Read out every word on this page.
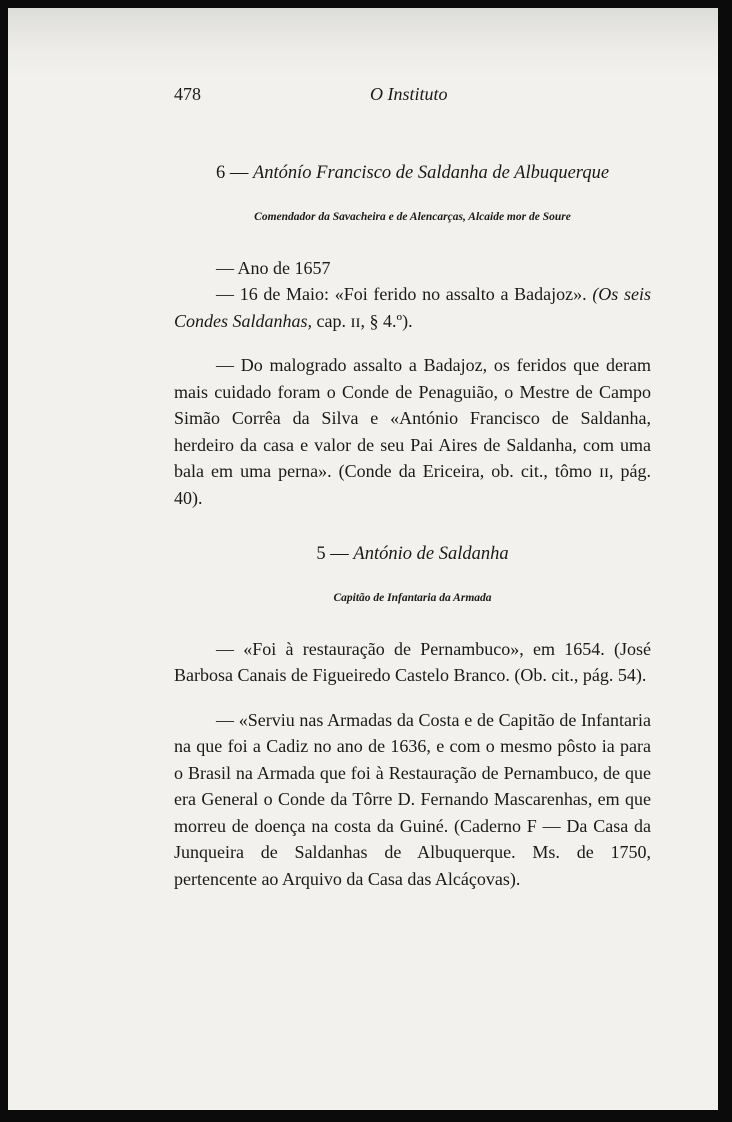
478	O Instituto
6 — Antónío Francisco de Saldanha de Albuquerque
Comendador da Savacheira e de Alencarças, Alcaide mor de Soure

— Ano de 1657

— 16 de Maio: «Foi ferido no assalto a Badajoz». (Os seis Condes Saldanhas, cap. ɪɪ, § 4.º).

— Do malogrado assalto a Badajoz, os feridos que deram mais cuidado foram o Conde de Penaguião, o Mestre de Campo Simão Corrêa da Silva e «António Francisco de Saldanha, herdeiro da casa e valor de seu Pai Aires de Saldanha, com uma bala em uma perna». (Conde da Ericeira, ob. cit., tômo ɪɪ, pág. 40).

5 — António de Saldanha
Capitão de Infantaria da Armada

— «Foi à restauração de Pernambuco», em 1654. (José Barbosa Canais de Figueiredo Castelo Branco. (Ob. cit., pág. 54).

— «Serviu nas Armadas da Costa e de Capitão de Infantaria na que foi a Cadiz no ano de 1636, e com o mesmo pôsto ia para o Brasil na Armada que foi à Restauração de Pernambuco, de que era General o Conde da Tôrre D. Fernando Mascarenhas, em que morreu de doença na costa da Guiné. (Caderno F — Da Casa da Junqueira de Saldanhas de Albuquerque. Ms. de 1750, pertencente ao Arquivo da Casa das Alcáçovas).
